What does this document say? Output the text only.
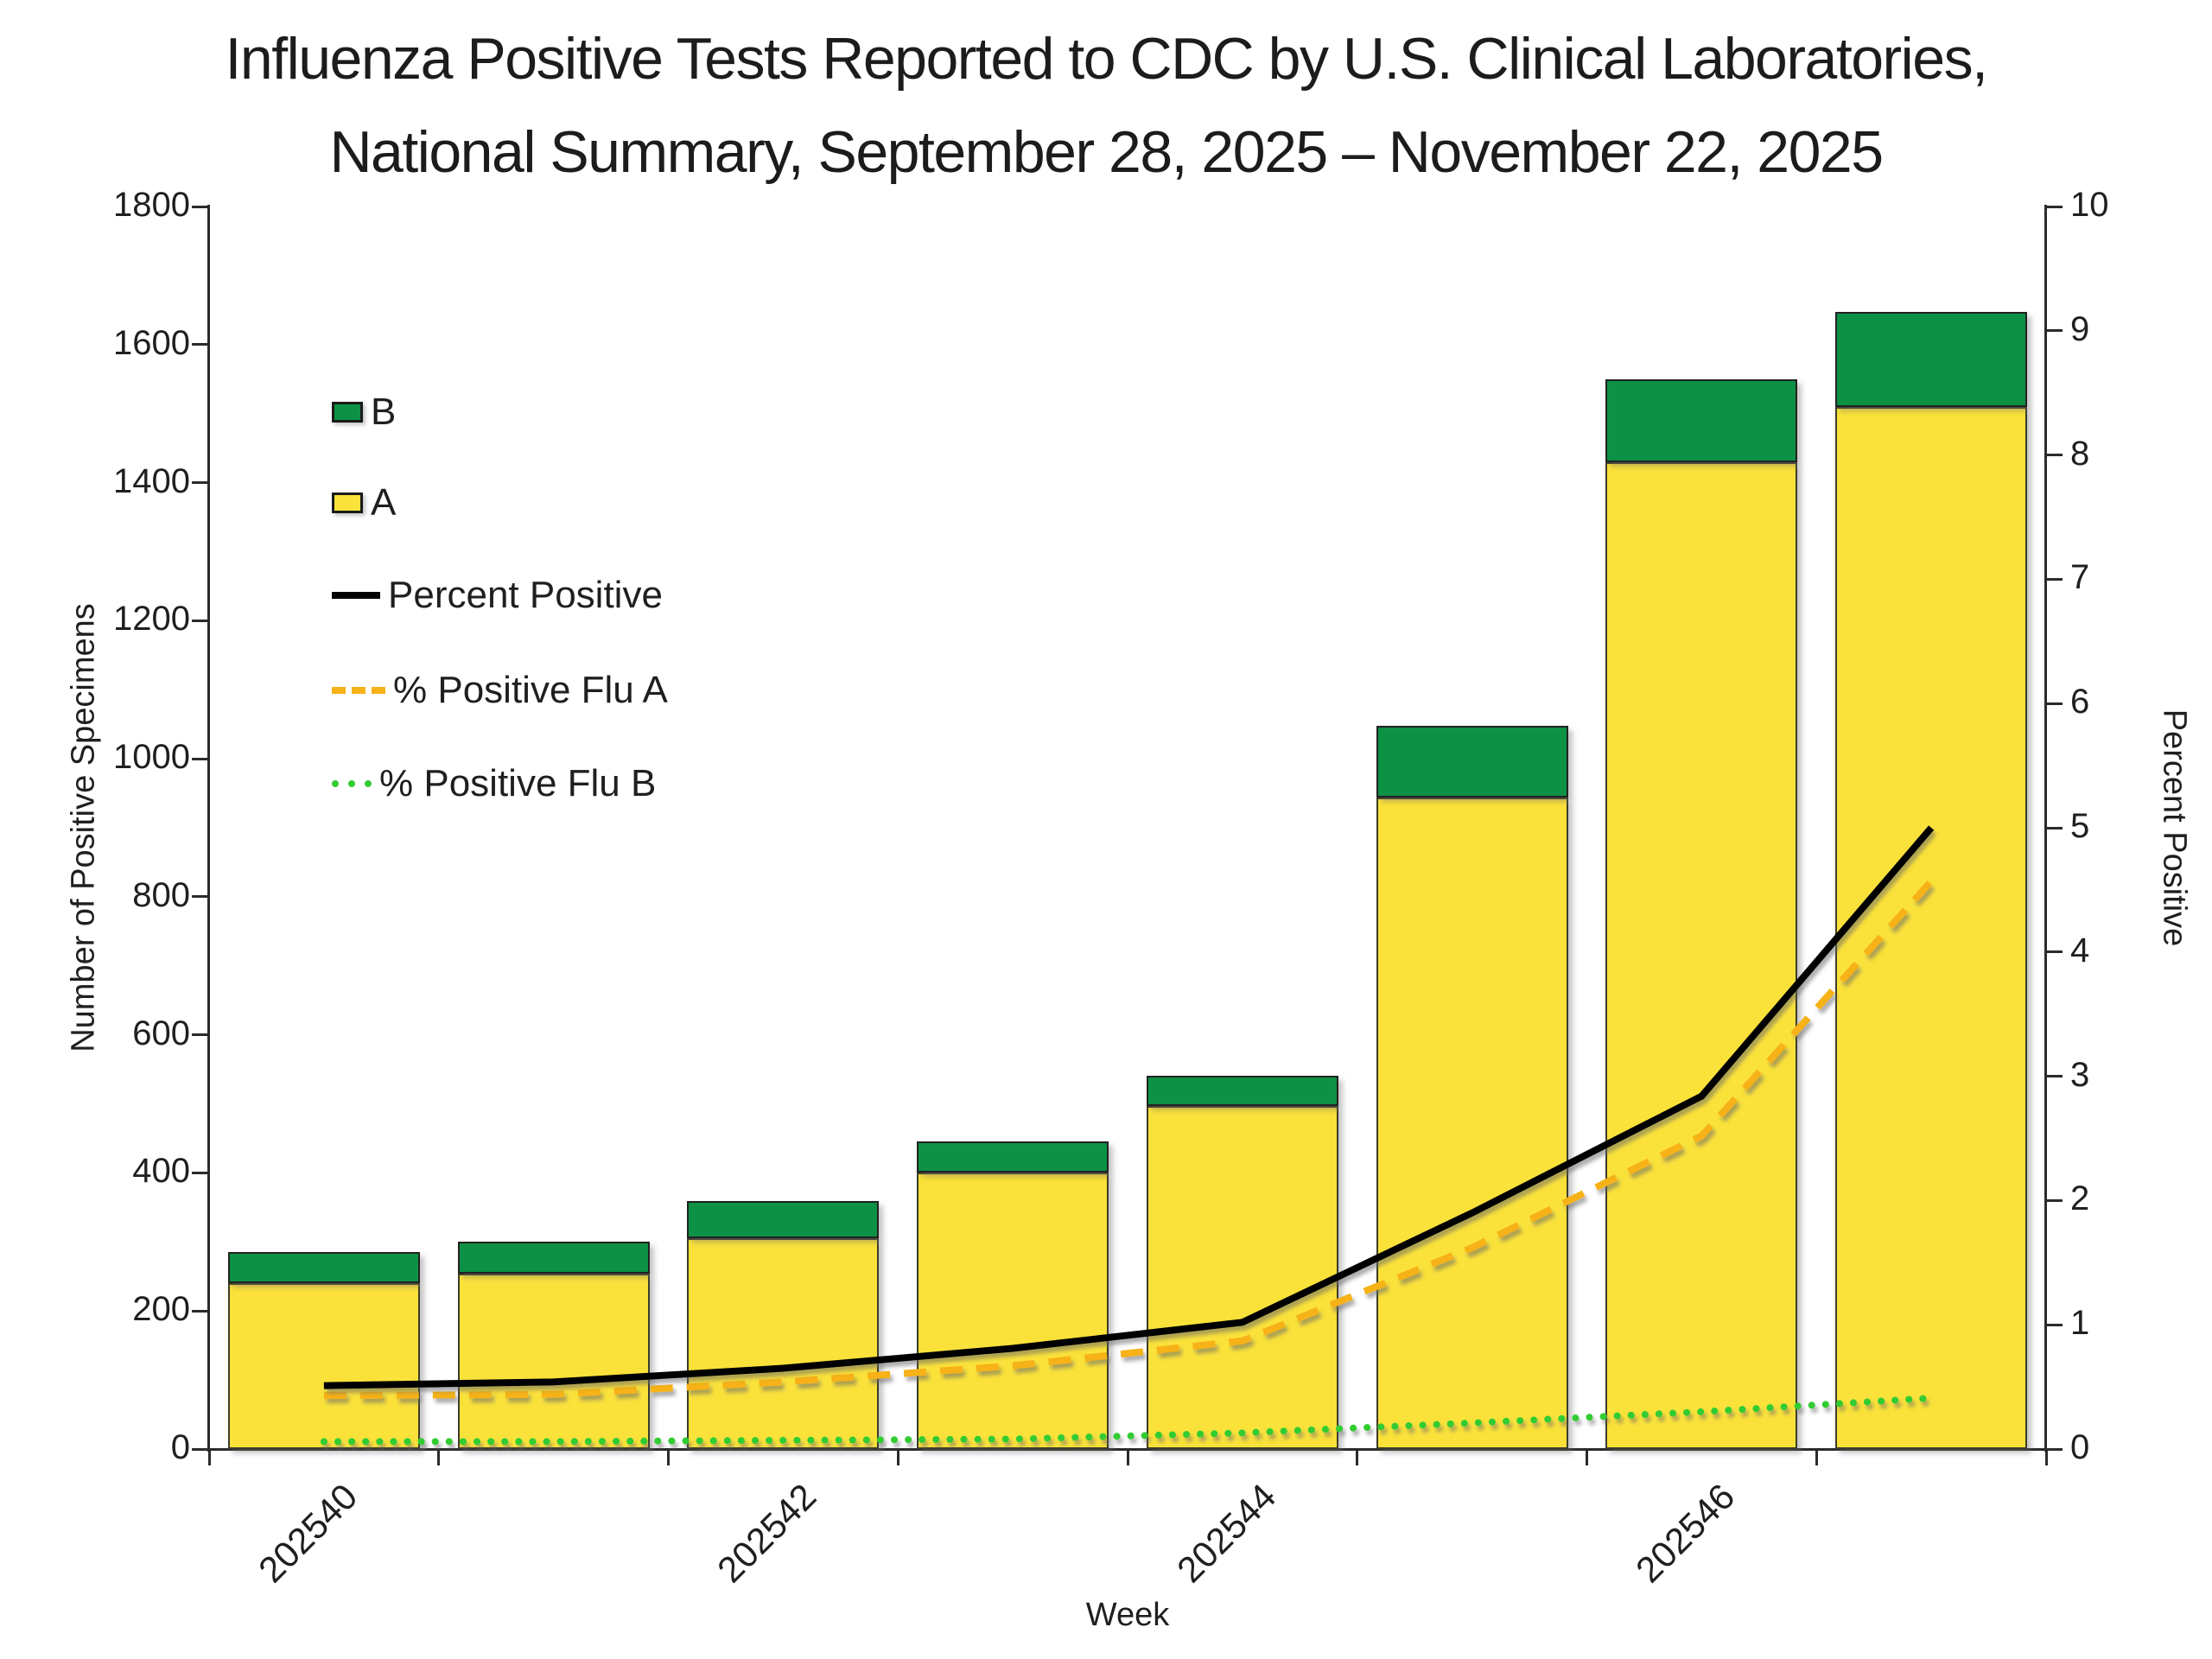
Influenza Positive Tests Reported to CDC by U.S. Clinical Laboratories,
National Summary, September 28, 2025 – November 22, 2025
0
200
400
600
800
1000
1200
1400
1600
1800
0
1
2
3
4
5
6
7
8
9
10
202540	202542	202544	202546
B
A
Percent Positive
% Positive Flu A
% Positive Flu B
Number of Positive Specimens	Percent Positive
Week
